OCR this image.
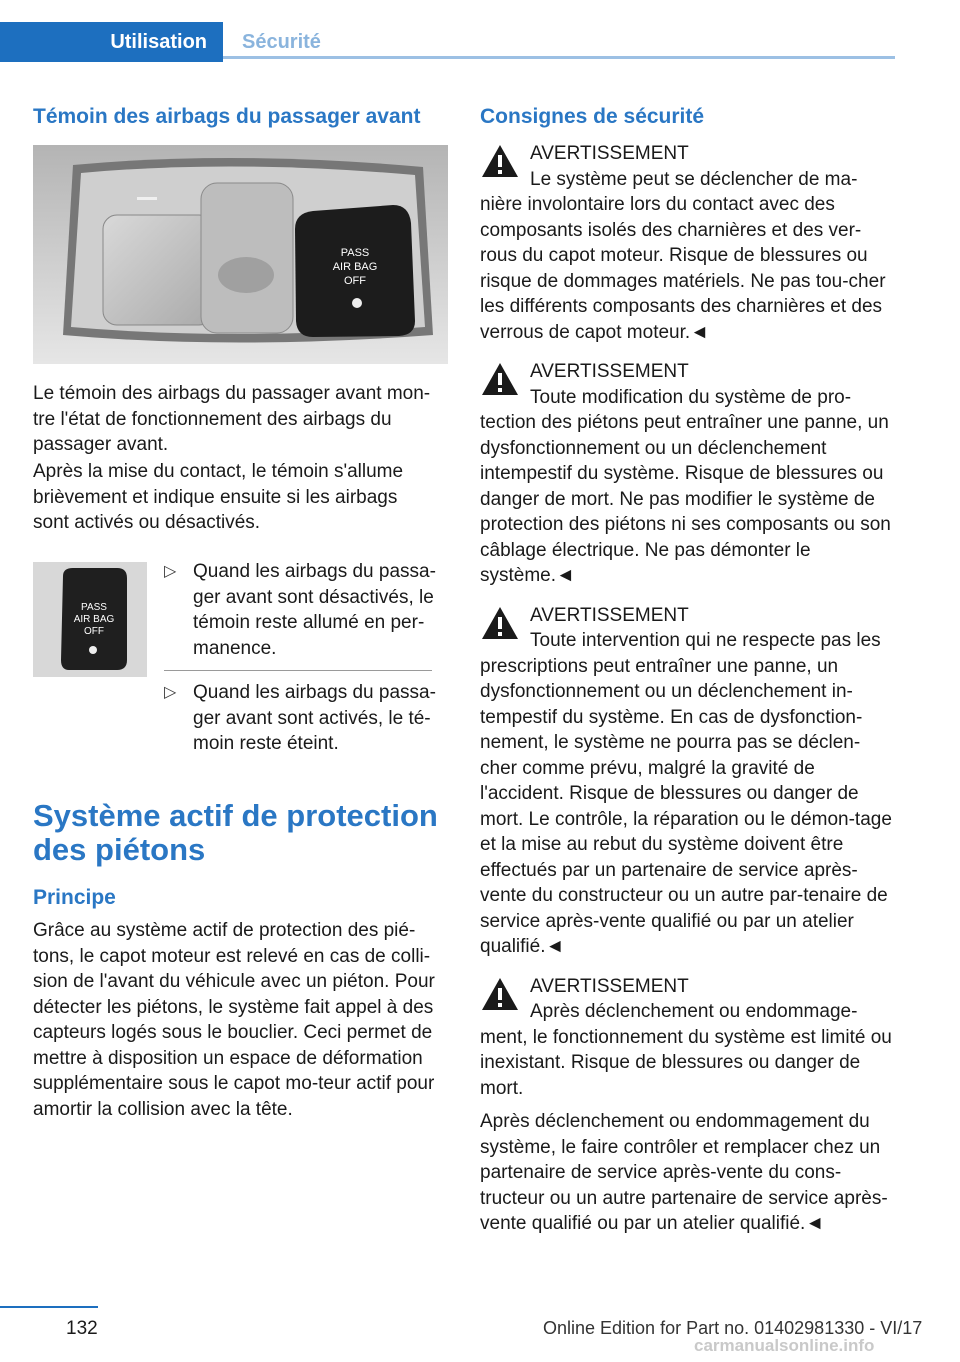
Utilisation	Sécurité
Témoin des airbags du passager avant
PASS
AIR BAG
OFF

Le témoin des airbags du passager avant mon-tre l'état de fonctionnement des airbags du passager avant.

Après la mise du contact, le témoin s'allume brièvement et indique ensuite si les airbags sont activés ou désactivés.

PASS
AIR BAG
OFF
▷ Quand les airbags du passa-ger avant sont désactivés, le témoin reste allumé en per-manence.
▷ Quand les airbags du passa-ger avant sont activés, le té-moin reste éteint.
Système actif de protection des piétons
Principe

Grâce au système actif de protection des pié-tons, le capot moteur est relevé en cas de colli-sion de l'avant du véhicule avec un piéton. Pour détecter les piétons, le système fait appel à des capteurs logés sous le bouclier. Ceci permet de mettre à disposition un espace de déformation supplémentaire sous le capot mo-teur actif pour amortir la collision avec la tête.

Consignes de sécurité
AVERTISSEMENT

Le système peut se déclencher de ma-nière involontaire lors du contact avec des composants isolés des charnières et des ver-rous du capot moteur. Risque de blessures ou risque de dommages matériels. Ne pas tou-cher les différents composants des charnières et des verrous de capot moteur.◄

AVERTISSEMENT

Toute modification du système de pro-tection des piétons peut entraîner une panne, un dysfonctionnement ou un déclenchement intempestif du système. Risque de blessures ou danger de mort. Ne pas modifier le système de protection des piétons ni ses composants ou son câblage électrique. Ne pas démonter le système.◄

AVERTISSEMENT

Toute intervention qui ne respecte pas les prescriptions peut entraîner une panne, un dysfonctionnement ou un déclenchement in-tempestif du système. En cas de dysfonction-nement, le système ne pourra pas se déclen-cher comme prévu, malgré la gravité de l'accident. Risque de blessures ou danger de mort. Le contrôle, la réparation ou le démon-tage et la mise au rebut du système doivent être effectués par un partenaire de service après-vente du constructeur ou un autre par-tenaire de service après-vente qualifié ou par un atelier qualifié.◄

AVERTISSEMENT

Après déclenchement ou endommage-ment, le fonctionnement du système est limité ou inexistant. Risque de blessures ou danger de mort.

Après déclenchement ou endommagement du système, le faire contrôler et remplacer chez un partenaire de service après-vente du cons-tructeur ou un autre partenaire de service après-vente qualifié ou par un atelier qualifié.◄

132	Online Edition for Part no. 01402981330 - VI/17
carmanualsonline.info
